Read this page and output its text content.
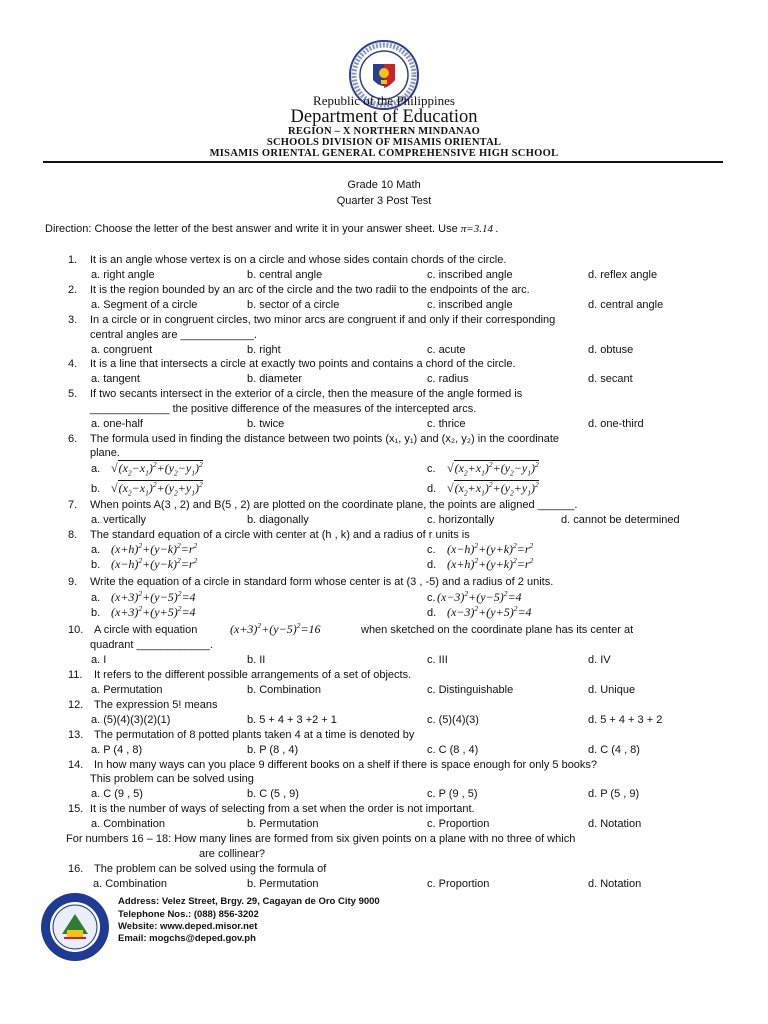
Republic of the Philippines
Department of Education
REGION – X NORTHERN MINDANAO
SCHOOLS DIVISION OF MISAMIS ORIENTAL
MISAMIS ORIENTAL GENERAL COMPREHENSIVE HIGH SCHOOL
Grade 10 Math
Quarter 3 Post Test
Direction: Choose the letter of the best answer and write it in your answer sheet. Use π=3.14 .
1. It is an angle whose vertex is on a circle and whose sides contain chords of the circle.
a. right angle	b. central angle	c. inscribed angle	d. reflex angle
2. It is the region bounded by an arc of the circle and the two radii to the endpoints of the arc.
a. Segment of a circle	b. sector of a circle	c. inscribed angle	d. central angle
3. In a circle or in congruent circles, two minor arcs are congruent if and only if their corresponding
central angles are ____________.
a. congruent	b. right	c. acute	d. obtuse
4. It is a line that intersects a circle at exactly two points and contains a chord of the circle.
a. tangent	b. diameter	c. radius	d. secant
5. If two secants intersect in the exterior of a circle, then the measure of the angle formed is
_____________ the positive difference of the measures of the intercepted arcs.
a. one-half	b. twice	c. thrice	d. one-third
6. The formula used in finding the distance between two points (x₁, y₁) and (x₂, y₂) in the coordinate
plane.
a. $√(x_2-x_1)^2+(y_2-y_1)^2$	c. $√(x_2+x_1)^2+(y_2-y_1)^2$
b. $√(x_2-x_1)^2+(y_2+y_1)^2$	d. $√(x_2+x_1)^2+(y_2+y_1)^2$
7. When points A(3 , 2) and B(5 , 2) are plotted on the coordinate plane, the points are aligned ______.
a. vertically	b. diagonally	c. horizontally	d. cannot be determined
8. The standard equation of a circle with center at (h , k) and a radius of r units is
a. $(x+h)^2+(y-k)^2=r^2$	c. $(x-h)^2+(y+k)^2=r^2$
b. $(x-h)^2+(y-k)^2=r^2$	d. $(x+h)^2+(y+k)^2=r^2$
9. Write the equation of a circle in standard form whose center is at (3 , -5) and a radius of 2 units.
a. $(x+3)^2+(y-5)^2=4$	c. $(x-3)^2+(y-5)^2=4$
b. $(x+3)^2+(y+5)^2=4$	d. $(x-3)^2+(y+5)^2=4$
10. A circle with equation	$(x+3)^2+(y-5)^2=16$	when sketched on the coordinate plane has its center at
quadrant ____________.
a. I	b. II	c. III	d. IV
11. It refers to the different possible arrangements of a set of objects.
a. Permutation	b. Combination	c. Distinguishable	d. Unique
12. The expression 5! means
a. (5)(4)(3)(2)(1)	b. 5 + 4 + 3 +2 + 1	c. (5)(4)(3)	d. 5 + 4 + 3 + 2
13. The permutation of 8 potted plants taken 4 at a time is denoted by
a. P (4 , 8)	b. P (8 , 4)	c. C (8 , 4)	d. C (4 , 8)
14. In how many ways can you place 9 different books on a shelf if there is space enough for only 5 books?
This problem can be solved using
a. C (9 , 5)	b. C (5 , 9)	c. P (9 , 5)	d. P (5 , 9)
15. It is the number of ways of selecting from a set when the order is not important.
a. Combination	b. Permutation	c. Proportion	d. Notation
For numbers 16 – 18: How many lines are formed from six given points on a plane with no three of which
are collinear?
16. The problem can be solved using the formula of
a. Combination	b. Permutation	c. Proportion	d. Notation
Address: Velez Street, Brgy. 29, Cagayan de Oro City 9000
Telephone Nos.: (088) 856-3202
Website: www.deped.misor.net
Email: mogchs@deped.gov.ph
